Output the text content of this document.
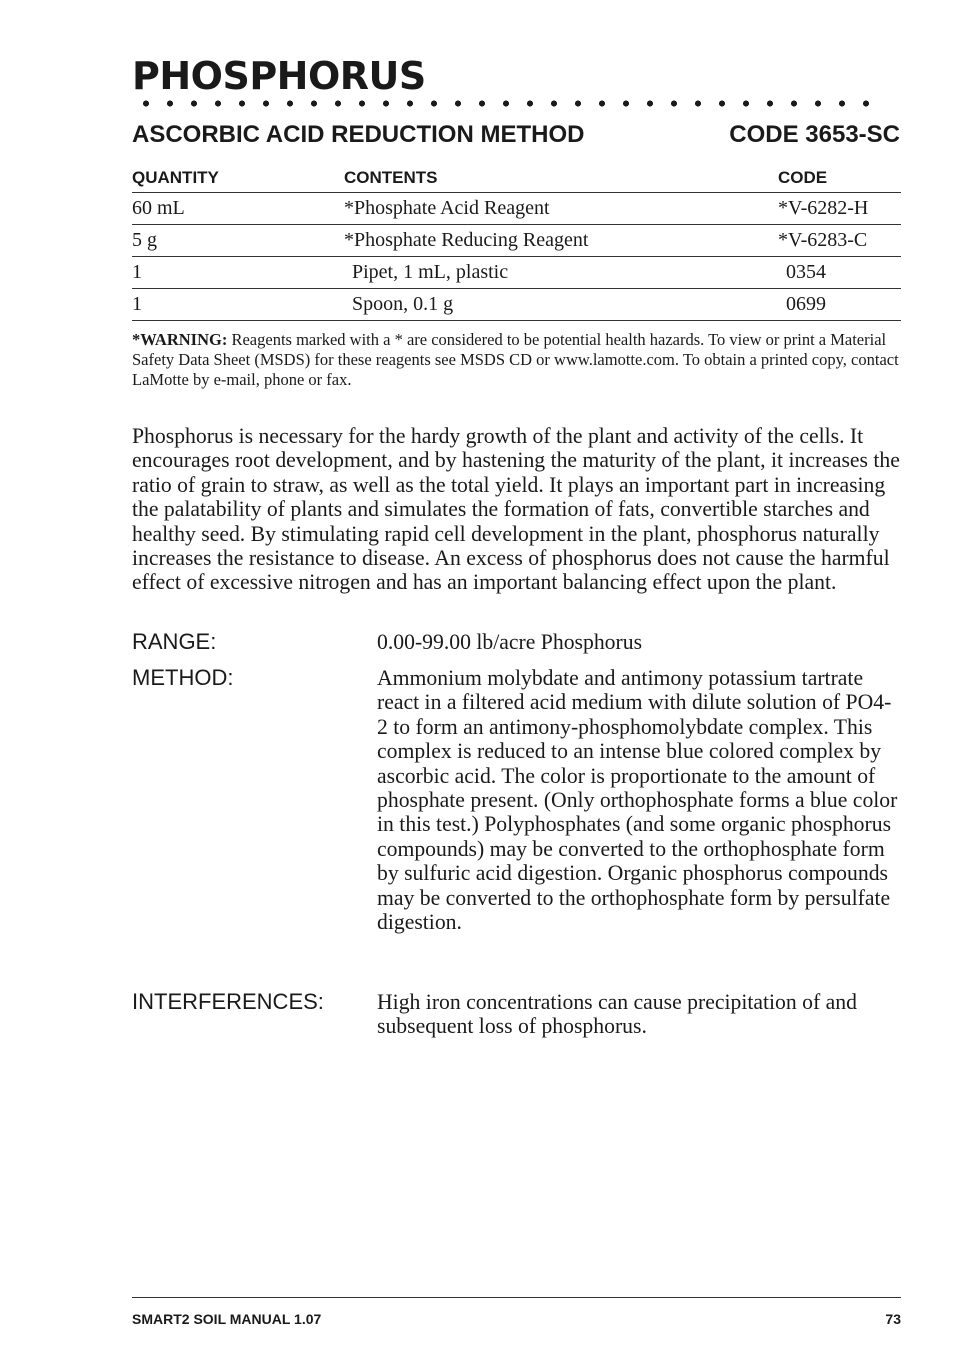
PHOSPHORUS
ASCORBIC ACID REDUCTION METHOD	CODE 3653-SC
QUANTITY	CONTENTS	CODE
60 mL	*Phosphate Acid Reagent	*V-6282-H
5 g	*Phosphate Reducing Reagent	*V-6283-C
1	Pipet, 1 mL, plastic	0354
1	Spoon, 0.1 g	0699

*WARNING: Reagents marked with a * are considered to be potential health hazards. To view or print a Material Safety Data Sheet (MSDS) for these reagents see MSDS CD or www.lamotte.com. To obtain a printed copy, contact LaMotte by e-mail, phone or fax.

Phosphorus is necessary for the hardy growth of the plant and activity of the cells. It encourages root development, and by hastening the maturity of the plant, it increases the ratio of grain to straw, as well as the total yield. It plays an important part in increasing the palatability of plants and simulates the formation of fats, convertible starches and healthy seed. By stimulating rapid cell development in the plant, phosphorus naturally increases the resistance to disease. An excess of phosphorus does not cause the harmful effect of excessive nitrogen and has an important balancing effect upon the plant.

RANGE:	0.00-99.00 lb/acre Phosphorus
METHOD:	Ammonium molybdate and antimony potassium tartrate react in a filtered acid medium with dilute solution of PO4-2 to form an antimony-phosphomolybdate complex. This complex is reduced to an intense blue colored complex by ascorbic acid. The color is proportionate to the amount of phosphate present. (Only orthophosphate forms a blue color in this test.) Polyphosphates (and some organic phosphorus compounds) may be converted to the orthophosphate form by sulfuric acid digestion. Organic phosphorus compounds may be converted to the orthophosphate form by persulfate digestion.
INTERFERENCES:	High iron concentrations can cause precipitation of and subsequent loss of phosphorus.
SMART2 SOIL MANUAL 1.07	73
